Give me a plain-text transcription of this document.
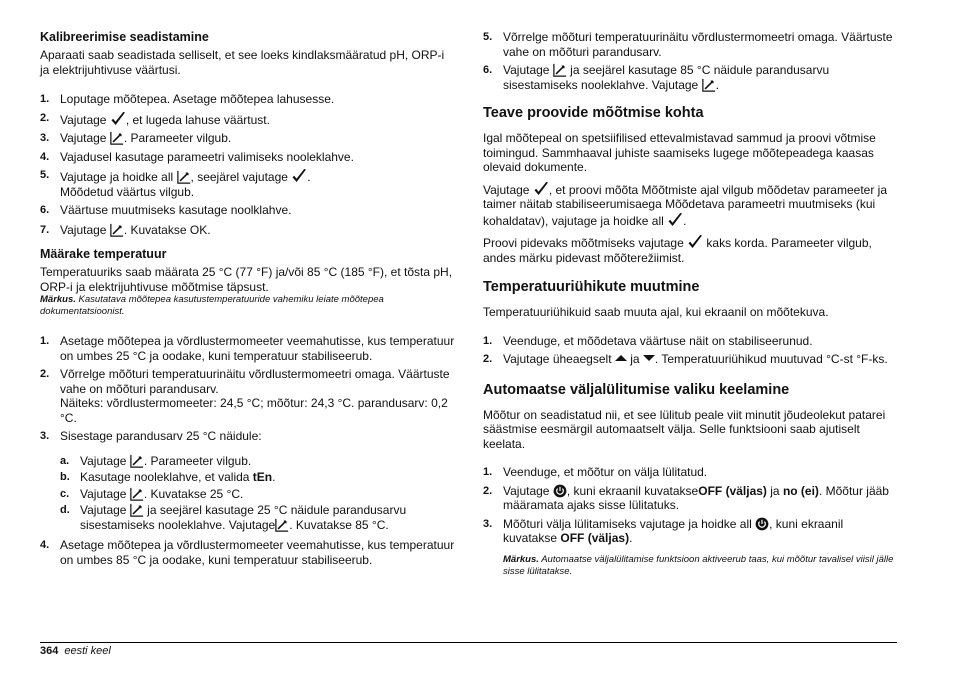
Kalibreerimise seadistamine

Aparaati saab seadistada selliselt, et see loeks kindlaksmääratud pH, ORP-i ja elektrijuhtivuse väärtusi.

1. Loputage mõõtepea. Asetage mõõtepea lahusesse.
2. Vajutage , et lugeda lahuse väärtust.
3. Vajutage . Parameeter vilgub.
4. Vajadusel kasutage parameetri valimiseks nooleklahve.
5. Vajutage ja hoidke all , seejärel vajutage .
Mõõdetud väärtus vilgub.
6. Väärtuse muutmiseks kasutage noolklahve.
7. Vajutage . Kuvatakse OK.
Määrake temperatuur

Temperatuuriks saab määrata 25 °C (77 °F) ja/või 85 °C (185 °F), et tõsta pH, ORP-i ja elektrijuhtivuse mõõtmise täpsust.

Märkus. Kasutatava mõõtepea kasutustemperatuuride vahemiku leiate mõõtepea dokumentatsioonist.

1. Asetage mõõtepea ja võrdlustermomeeter veemahutisse, kus temperatuur on umbes 25 °C ja oodake, kuni temperatuur stabiliseerub.
2. Võrrelge mõõturi temperatuurinäitu võrdlustermomeetri omaga. Väärtuste vahe on mõõturi parandusarv.
Näiteks: võrdlustermomeeter: 24,5 °C; mõõtur: 24,3 °C. parandusarv: 0,2 °C.
3. Sisestage parandusarv 25 °C näidule:
a. Vajutage . Parameeter vilgub.
b. Kasutage nooleklahve, et valida tEn.
c. Vajutage . Kuvatakse 25 °C.
d. Vajutage  ja seejärel kasutage 25 °C näidule parandusarvu sisestamiseks nooleklahve. Vajutage . Kuvatakse 85 °C.
4. Asetage mõõtepea ja võrdlustermomeeter veemahutisse, kus temperatuur on umbes 85 °C ja oodake, kuni temperatuur stabiliseerub.
5. Võrrelge mõõturi temperatuurinäitu võrdlustermomeetri omaga. Väärtuste vahe on mõõturi parandusarv.
6. Vajutage  ja seejärel kasutage 85 °C näidule parandusarvu sisestamiseks nooleklahve. Vajutage .
Teave proovide mõõtmise kohta

Igal mõõtepeal on spetsiifilised ettevalmistavad sammud ja proovi võtmise toimingud. Sammhaaval juhiste saamiseks lugege mõõtepeadega kaasas olevaid dokumente.

Vajutage , et proovi mõõta Mõõtmiste ajal vilgub mõõdetav parameeter ja taimer näitab stabiliseerumisaega Mõõdetava parameetri muutmiseks (kui kohaldatav), vajutage ja hoidke all .

Proovi pidevaks mõõtmiseks vajutage  kaks korda. Parameeter vilgub, andes märku pidevast mõõterežiimist.

Temperatuuriühikute muutmine

Temperatuuriühikuid saab muuta ajal, kui ekraanil on mõõtekuva.

1. Veenduge, et mõõdetava väärtuse näit on stabiliseerunud.
2. Vajutage üheaegselt  ja . Temperatuuriühikud muutuvad °C-st °F-ks.
Automaatse väljalülitumise valiku keelamine

Mõõtur on seadistatud nii, et see lülitub peale viit minutit jõudeolekut patarei säästmise eesmärgil automaatselt välja. Selle funktsiooni saab ajutiselt keelata.

1. Veenduge, et mõõtur on välja lülitatud.
2. Vajutage , kuni ekraanil kuvatakseOFF (väljas) ja no (ei). Mõõtur jääb määramata ajaks sisse lülitatuks.
3. Mõõturi välja lülitamiseks vajutage ja hoidke all , kuni ekraanil kuvatakse OFF (väljas).

Märkus. Automaatse väljalülitamise funktsioon aktiveerub taas, kui mõõtur tavalisel viisil jälle sisse lülitatakse.

364 eesti keel
